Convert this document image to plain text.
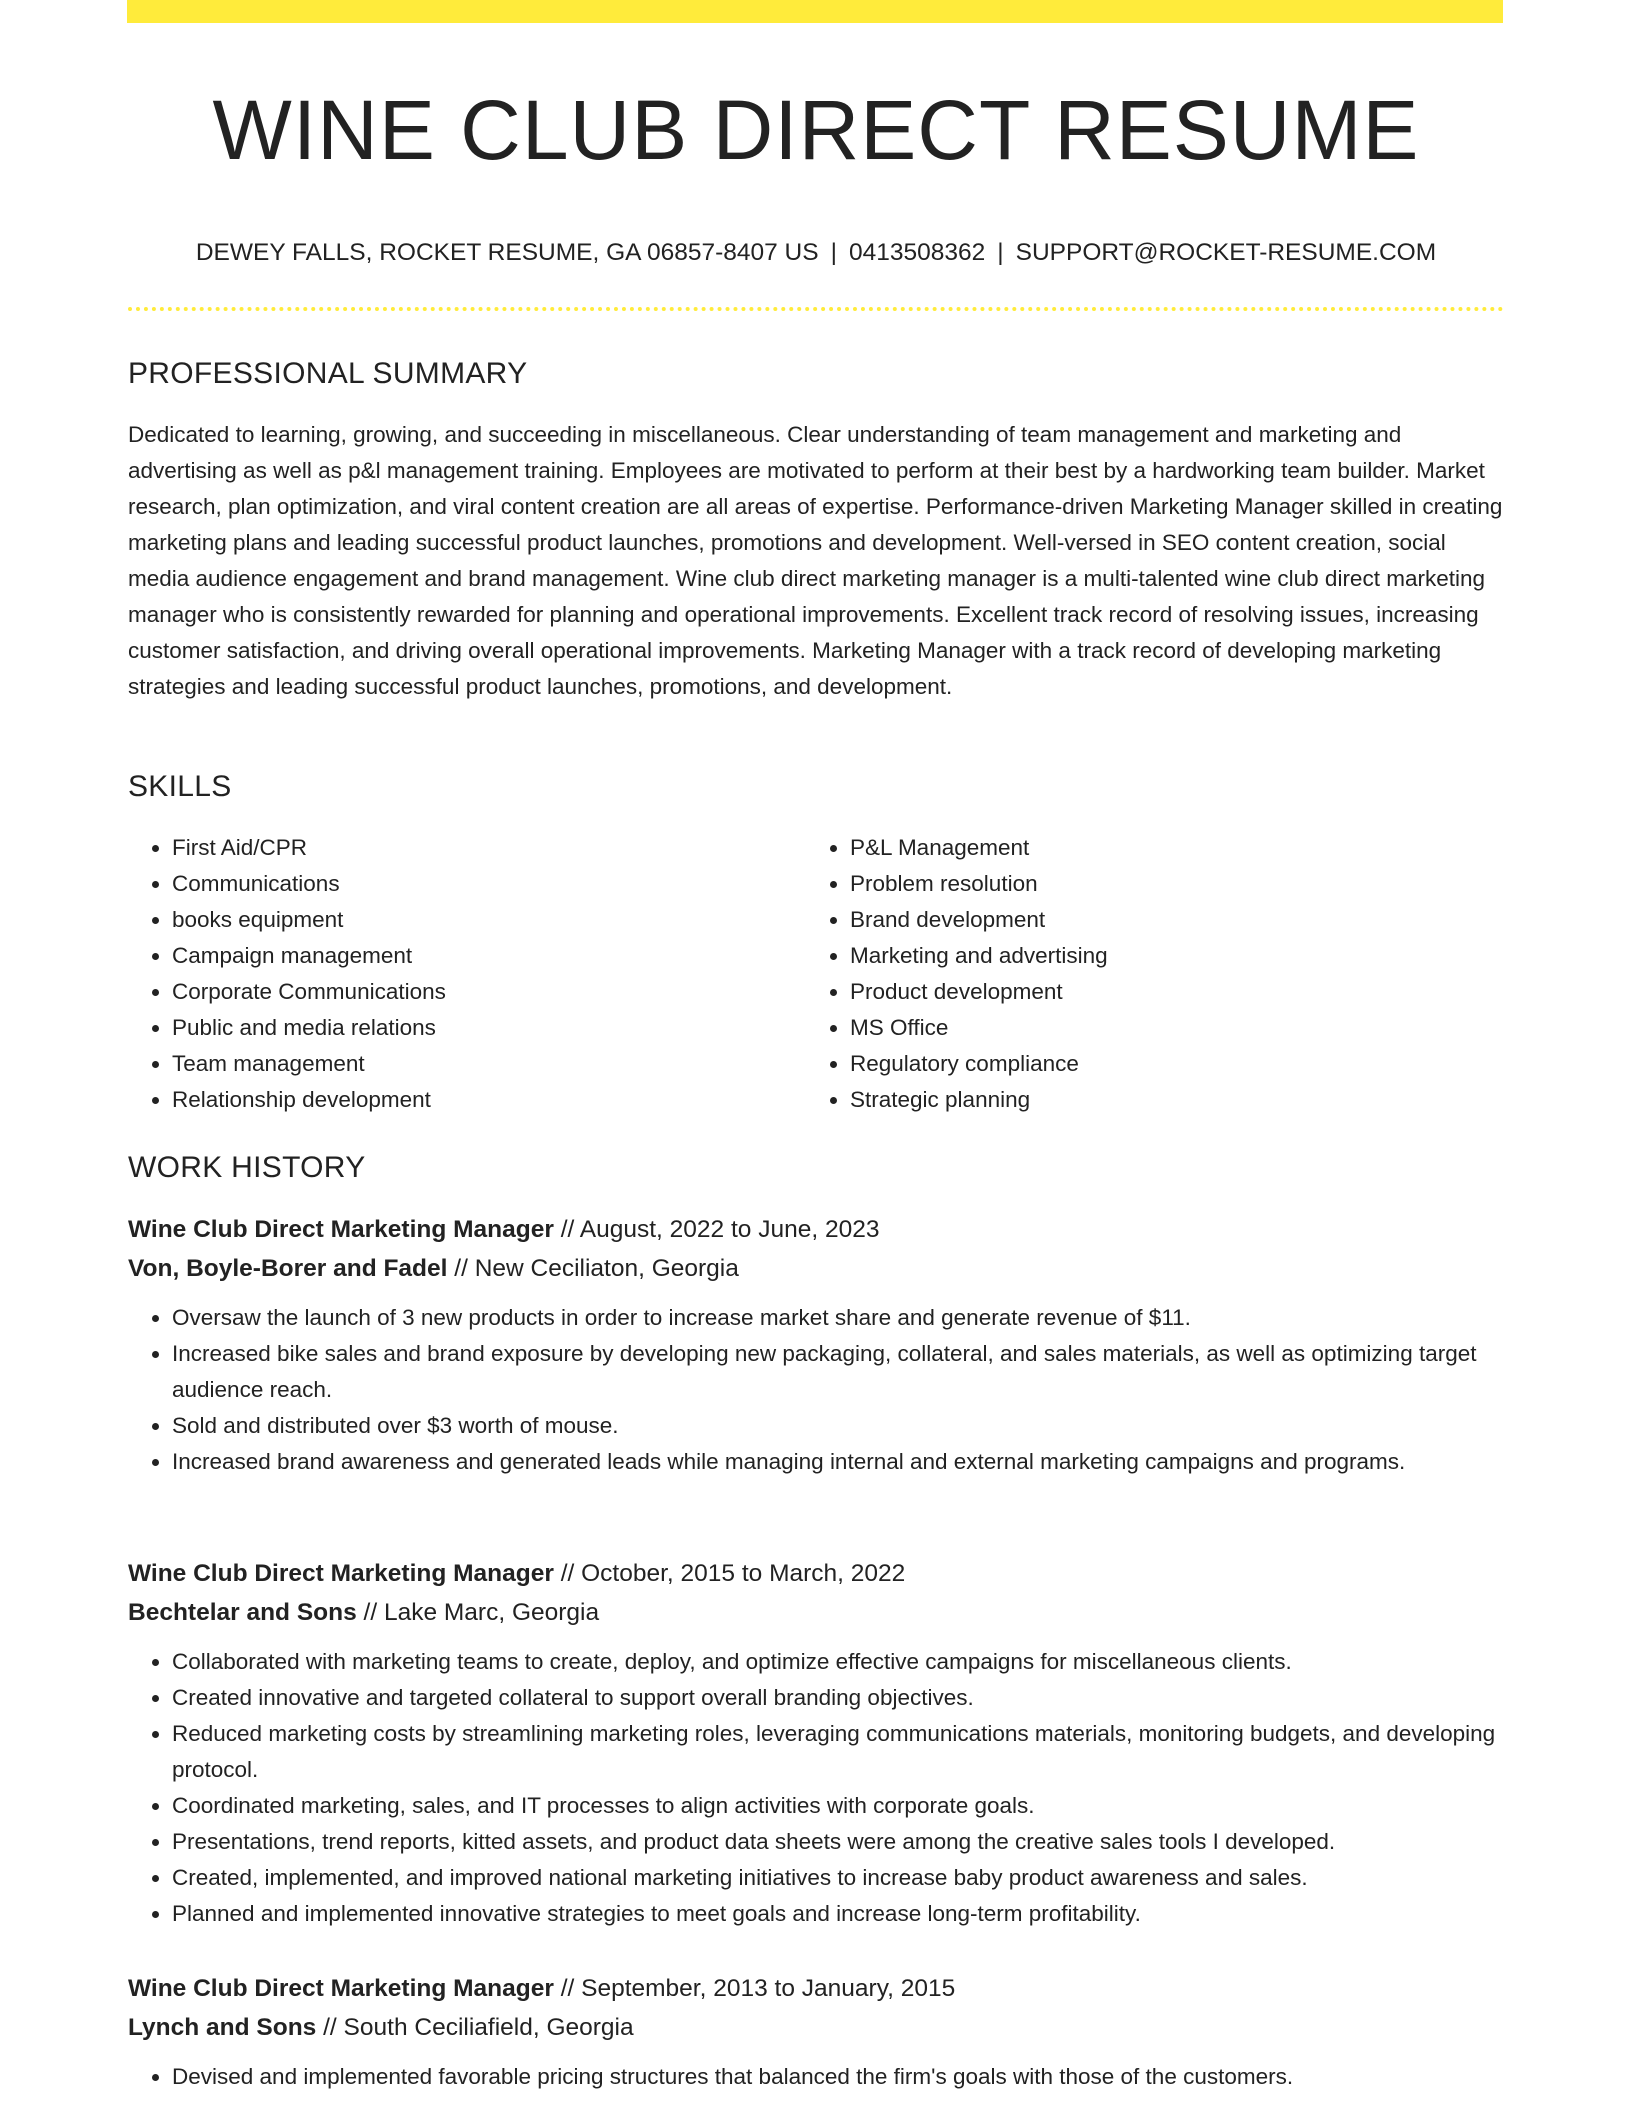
WINE CLUB DIRECT RESUME
DEWEY FALLS, ROCKET RESUME, GA 06857-8407 US | 0413508362 | SUPPORT@ROCKET-RESUME.COM
PROFESSIONAL SUMMARY

Dedicated to learning, growing, and succeeding in miscellaneous. Clear understanding of team management and marketing and advertising as well as p&l management training. Employees are motivated to perform at their best by a hardworking team builder. Market research, plan optimization, and viral content creation are all areas of expertise. Performance-driven Marketing Manager skilled in creating marketing plans and leading successful product launches, promotions and development. Well-versed in SEO content creation, social media audience engagement and brand management. Wine club direct marketing manager is a multi-talented wine club direct marketing manager who is consistently rewarded for planning and operational improvements. Excellent track record of resolving issues, increasing customer satisfaction, and driving overall operational improvements. Marketing Manager with a track record of developing marketing strategies and leading successful product launches, promotions, and development.

SKILLS
• First Aid/CPR
• Communications
• books equipment
• Campaign management
• Corporate Communications
• Public and media relations
• Team management
• Relationship development
• P&L Management
• Problem resolution
• Brand development
• Marketing and advertising
• Product development
• MS Office
• Regulatory compliance
• Strategic planning
WORK HISTORY
Wine Club Direct Marketing Manager // August, 2022 to June, 2023
Von, Boyle-Borer and Fadel // New Ceciliaton, Georgia
• Oversaw the launch of 3 new products in order to increase market share and generate revenue of $11.
• Increased bike sales and brand exposure by developing new packaging, collateral, and sales materials, as well as optimizing target audience reach.
• Sold and distributed over $3 worth of mouse.
• Increased brand awareness and generated leads while managing internal and external marketing campaigns and programs.
Wine Club Direct Marketing Manager // October, 2015 to March, 2022
Bechtelar and Sons // Lake Marc, Georgia
• Collaborated with marketing teams to create, deploy, and optimize effective campaigns for miscellaneous clients.
• Created innovative and targeted collateral to support overall branding objectives.
• Reduced marketing costs by streamlining marketing roles, leveraging communications materials, monitoring budgets, and developing protocol.
• Coordinated marketing, sales, and IT processes to align activities with corporate goals.
• Presentations, trend reports, kitted assets, and product data sheets were among the creative sales tools I developed.
• Created, implemented, and improved national marketing initiatives to increase baby product awareness and sales.
• Planned and implemented innovative strategies to meet goals and increase long-term profitability.
Wine Club Direct Marketing Manager // September, 2013 to January, 2015
Lynch and Sons // South Ceciliafield, Georgia
• Devised and implemented favorable pricing structures that balanced the firm's goals with those of the customers.
